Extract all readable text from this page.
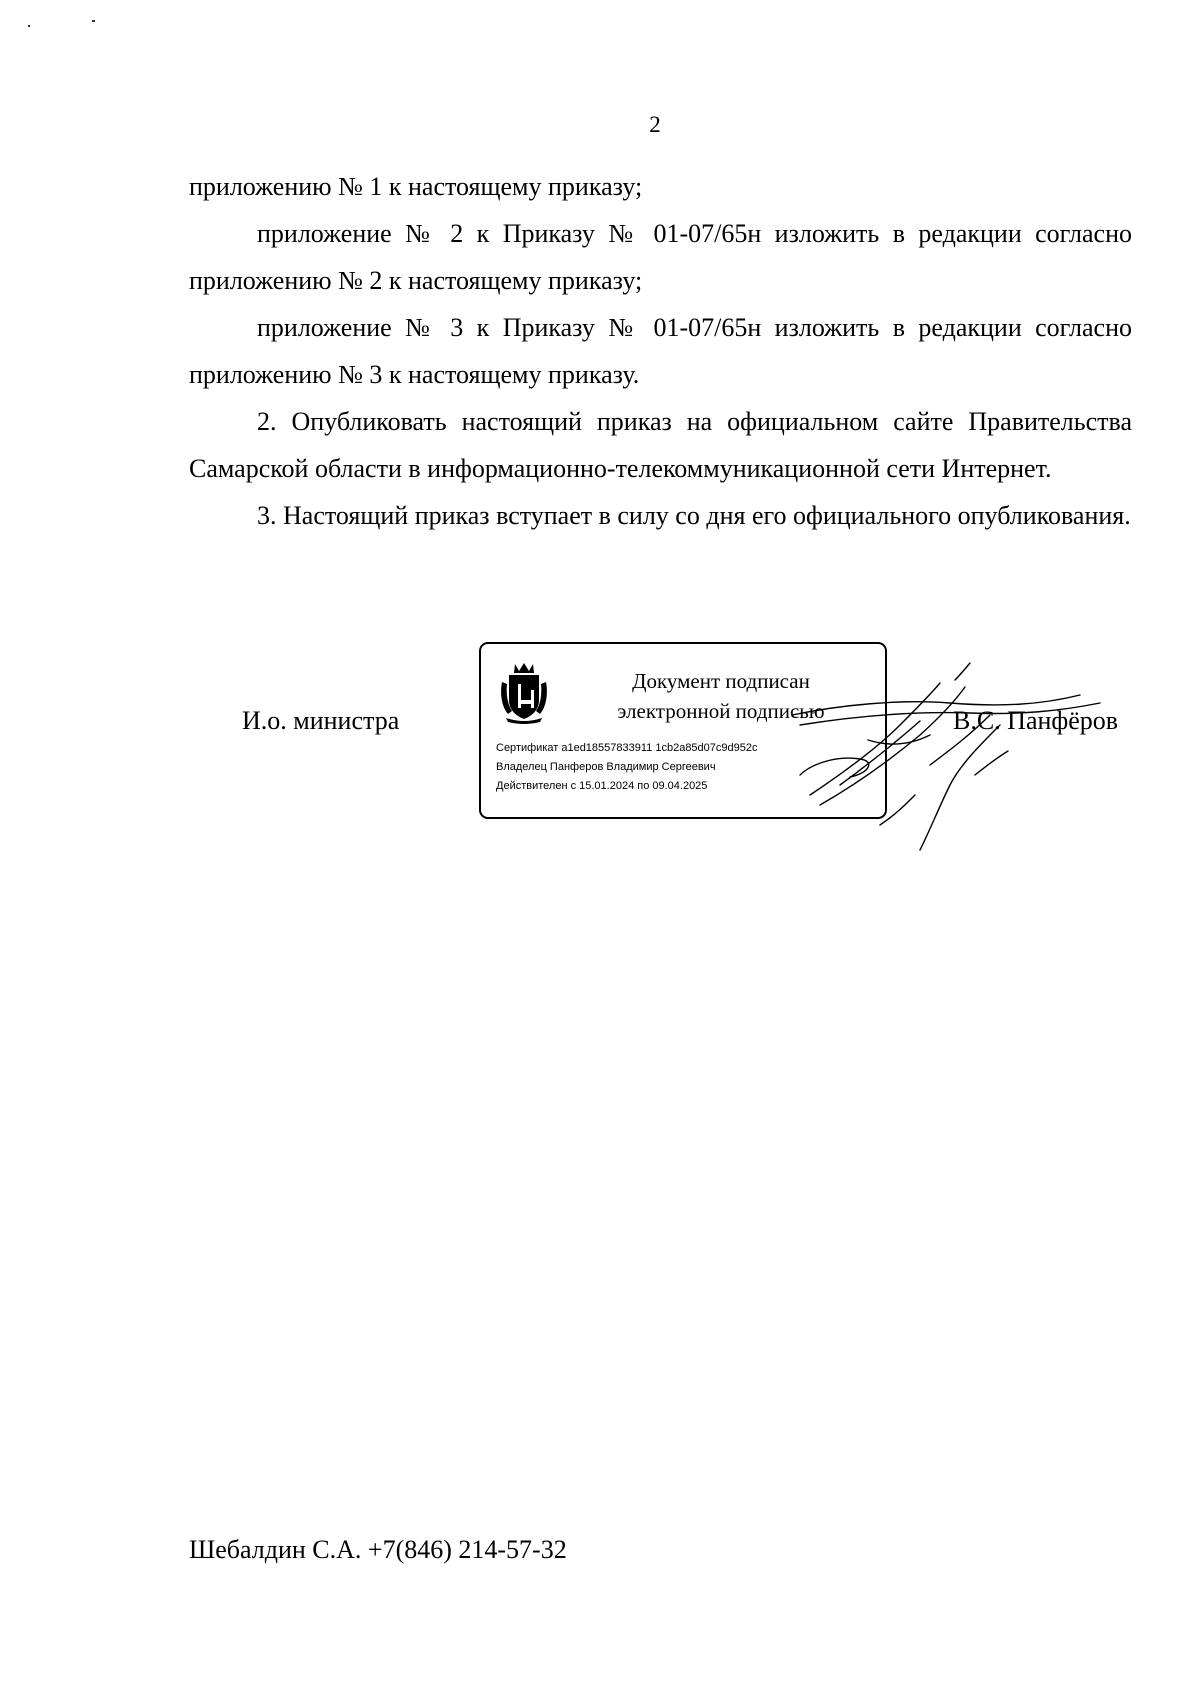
2

приложению № 1 к настоящему приказу;

приложение № 2 к Приказу № 01-07/65н изложить в редакции согласно приложению № 2 к настоящему приказу;

приложение № 3 к Приказу № 01-07/65н изложить в редакции согласно приложению № 3 к настоящему приказу.

2. Опубликовать настоящий приказ на официальном сайте Правительства Самарской области в информационно-телекоммуникационной сети Интернет.

3. Настоящий приказ вступает в силу со дня его официального опубликования.

И.о. министра
Документ подписан
электронной подписью
Сертификат a1ed18557833911 1cb2a85d07c9d952c
Владелец Панферов Владимир Сергеевич
Действителен с 15.01.2024 по 09.04.2025
В.С. Панфёров
Шебалдин С.А. +7(846) 214-57-32
